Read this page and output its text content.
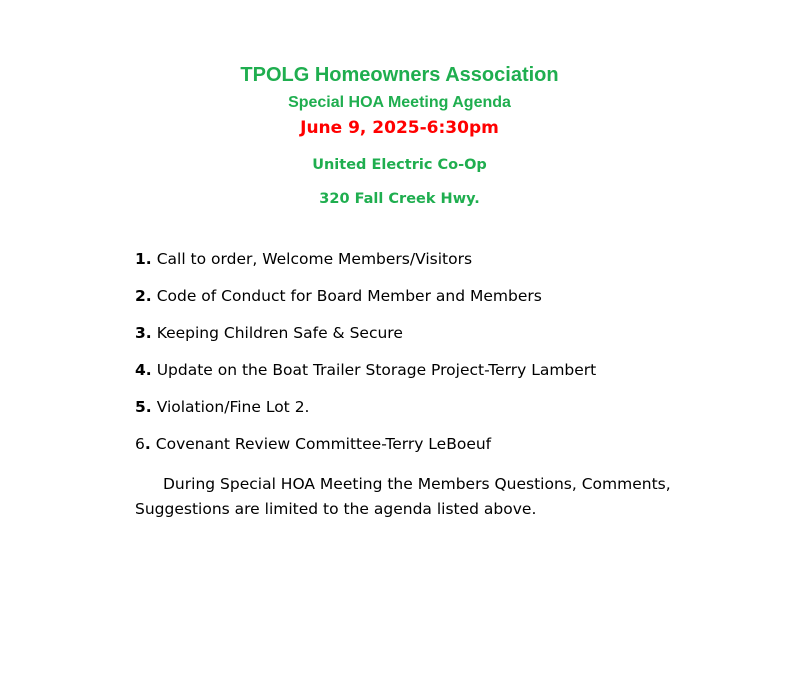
TPOLG Homeowners Association
Special HOA Meeting Agenda
June 9, 2025-6:30pm
United Electric Co-Op
320 Fall Creek Hwy.
1. Call to order, Welcome Members/Visitors
2. Code of Conduct for Board Member and Members
3. Keeping Children Safe & Secure
4. Update on the Boat Trailer Storage Project-Terry Lambert
5. Violation/Fine Lot 2.
6. Covenant Review Committee-Terry LeBoeuf
During Special HOA Meeting the Members Questions, Comments,
Suggestions are limited to the agenda listed above.
